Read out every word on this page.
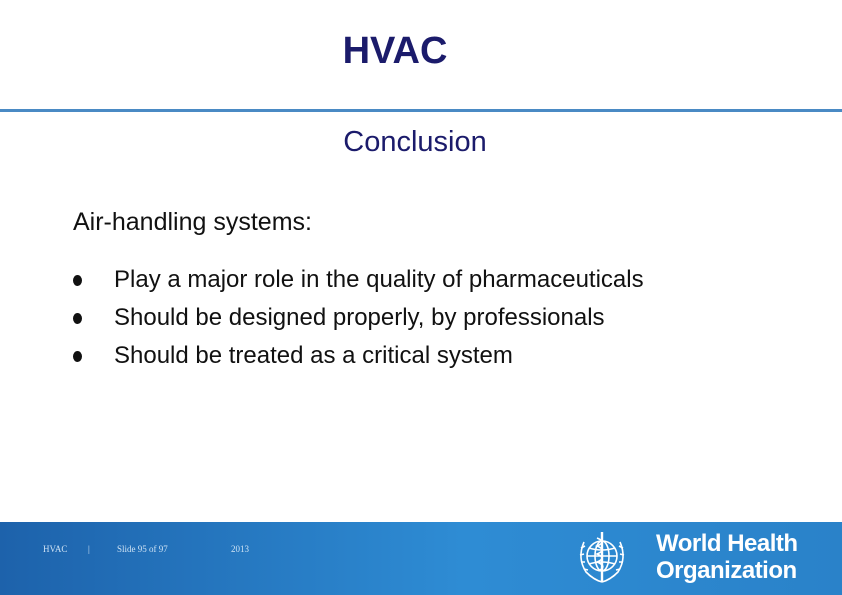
HVAC
Conclusion
Air-handling systems:
Play a major role in the quality of pharmaceuticals
Should be designed properly, by professionals
Should be treated as a critical system
HVAC |	Slide 95 of 97	2013	World Health
Organization
